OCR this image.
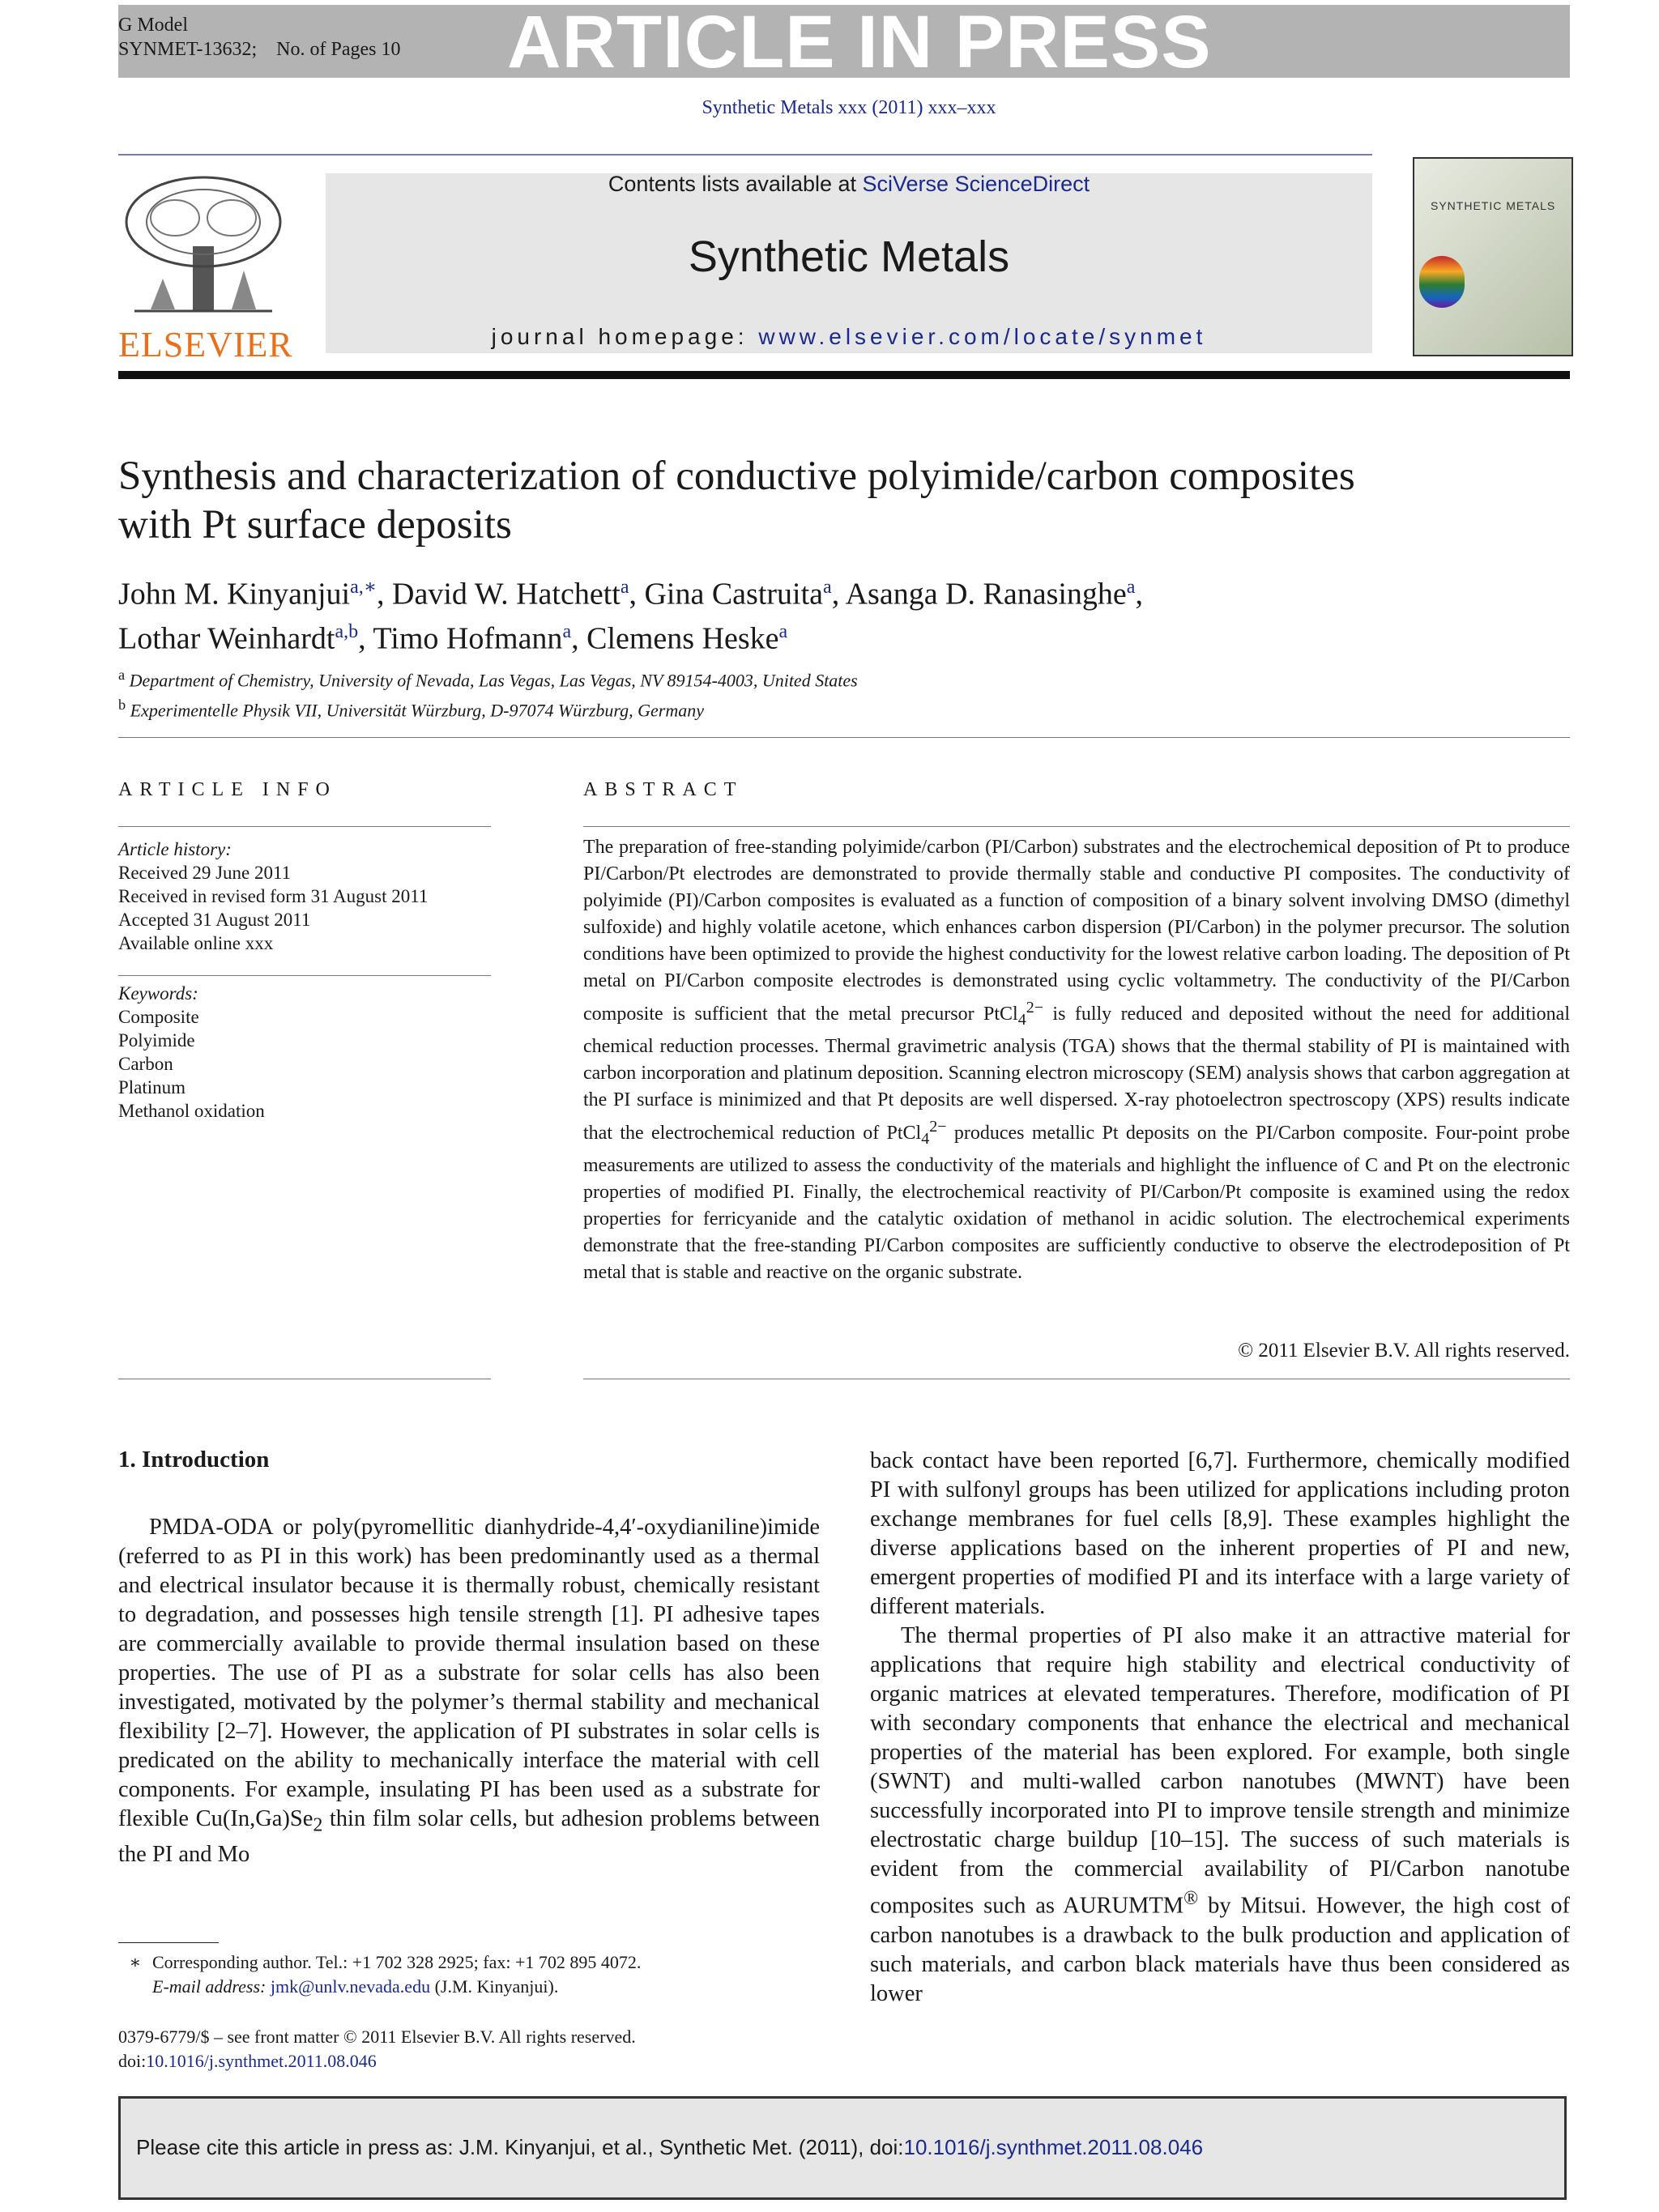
ARTICLE IN PRESS
G Model
SYNMET-13632; No. of Pages 10
Synthetic Metals xxx (2011) xxx–xxx
ELSEVIER
Contents lists available at SciVerse ScienceDirect
Synthetic Metals
journal homepage: www.elsevier.com/locate/synmet
SYNTHETIC METALS
Synthesis and characterization of conductive polyimide/carbon composites
with Pt surface deposits
John M. Kinyanjui$^{a,∗}$, David W. Hatchett$^a$, Gina Castruita$^a$, Asanga D. Ranasinghe$^a$,
Lothar Weinhardt$^{a,b}$, Timo Hofmann$^a$, Clemens Heske$^a$
$^a$ Department of Chemistry, University of Nevada, Las Vegas, Las Vegas, NV 89154-4003, United States
$^b$ Experimentelle Physik VII, Universität Würzburg, D-97074 Würzburg, Germany
ARTICLE INFO
Article history:
Received 29 June 2011
Received in revised form 31 August 2011
Accepted 31 August 2011
Available online xxx
Keywords:
Composite
Polyimide
Carbon
Platinum
Methanol oxidation
ABSTRACT
The preparation of free-standing polyimide/carbon (PI/Carbon) substrates and the electrochemical deposition of Pt to produce PI/Carbon/Pt electrodes are demonstrated to provide thermally stable and conductive PI composites. The conductivity of polyimide (PI)/Carbon composites is evaluated as a function of composition of a binary solvent involving DMSO (dimethyl sulfoxide) and highly volatile acetone, which enhances carbon dispersion (PI/Carbon) in the polymer precursor. The solution conditions have been optimized to provide the highest conductivity for the lowest relative carbon loading. The deposition of Pt metal on PI/Carbon composite electrodes is demonstrated using cyclic voltammetry. The conductivity of the PI/Carbon composite is sufficient that the metal precursor PtCl$_4^{2-}$ is fully reduced and deposited without the need for additional chemical reduction processes. Thermal gravimetric analysis (TGA) shows that the thermal stability of PI is maintained with carbon incorporation and platinum deposition. Scanning electron microscopy (SEM) analysis shows that carbon aggregation at the PI surface is minimized and that Pt deposits are well dispersed. X-ray photoelectron spectroscopy (XPS) results indicate that the electrochemical reduction of PtCl$_4^{2-}$ produces metallic Pt deposits on the PI/Carbon composite. Four-point probe measurements are utilized to assess the conductivity of the materials and highlight the influence of C and Pt on the electronic properties of modified PI. Finally, the electrochemical reactivity of PI/Carbon/Pt composite is examined using the redox properties for ferricyanide and the catalytic oxidation of methanol in acidic solution. The electrochemical experiments demonstrate that the free-standing PI/Carbon composites are sufficiently conductive to observe the electrodeposition of Pt metal that is stable and reactive on the organic substrate.
© 2011 Elsevier B.V. All rights reserved.
1. Introduction
PMDA-ODA or poly(pyromellitic dianhydride-4,4′-oxydianiline)imide (referred to as PI in this work) has been predominantly used as a thermal and electrical insulator because it is thermally robust, chemically resistant to degradation, and possesses high tensile strength [1]. PI adhesive tapes are commercially available to provide thermal insulation based on these properties. The use of PI as a substrate for solar cells has also been investigated, motivated by the polymer’s thermal stability and mechanical flexibility [2–7]. However, the application of PI substrates in solar cells is predicated on the ability to mechanically interface the material with cell components. For example, insulating PI has been used as a substrate for flexible $Cu(In,Ga)Se_2$ thin film solar cells, but adhesion problems between the PI and Mo

back contact have been reported [6,7]. Furthermore, chemically modified PI with sulfonyl groups has been utilized for applications including proton exchange membranes for fuel cells [8,9]. These examples highlight the diverse applications based on the inherent properties of PI and new, emergent properties of modified PI and its interface with a large variety of different materials.

The thermal properties of PI also make it an attractive material for applications that require high stability and electrical conductivity of organic matrices at elevated temperatures. Therefore, modification of PI with secondary components that enhance the electrical and mechanical properties of the material has been explored. For example, both single (SWNT) and multi-walled carbon nanotubes (MWNT) have been successfully incorporated into PI to improve tensile strength and minimize electrostatic charge buildup [10–15]. The success of such materials is evident from the commercial availability of PI/Carbon nanotube composites such as AURUMTM® by Mitsui. However, the high cost of carbon nanotubes is a drawback to the bulk production and application of such materials, and carbon black materials have thus been considered as lower

∗ Corresponding author. Tel.: +1 702 328 2925; fax: +1 702 895 4072.
E-mail address: jmk@unlv.nevada.edu (J.M. Kinyanjui).
0379-6779/$ – see front matter © 2011 Elsevier B.V. All rights reserved.
doi:10.1016/j.synthmet.2011.08.046
Please cite this article in press as: J.M. Kinyanjui, et al., Synthetic Met. (2011), doi:10.1016/j.synthmet.2011.08.046
